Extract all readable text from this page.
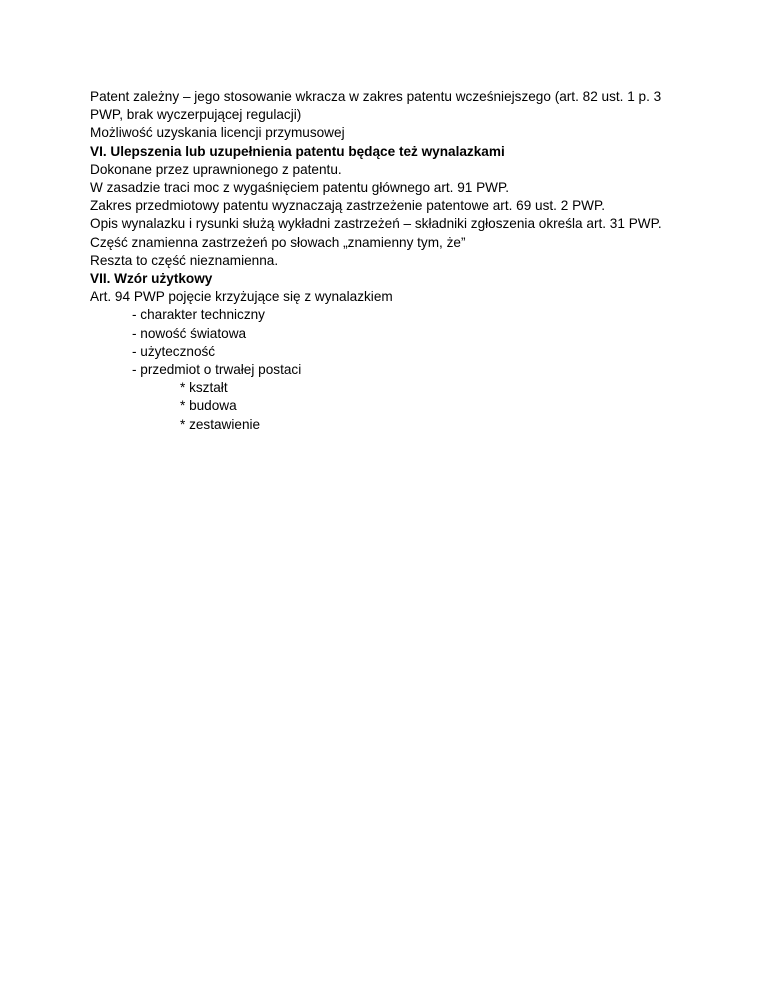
Patent zależny – jego stosowanie wkracza w zakres patentu wcześniejszego (art. 82 ust. 1 p. 3
PWP, brak wyczerpującej regulacji)
Możliwość uzyskania licencji przymusowej
VI. Ulepszenia lub uzupełnienia patentu będące też wynalazkami
Dokonane przez uprawnionego z patentu.
W zasadzie traci moc z wygaśnięciem patentu głównego art. 91 PWP.
Zakres przedmiotowy patentu wyznaczają zastrzeżenie patentowe art. 69 ust. 2 PWP.
Opis wynalazku i rysunki służą wykładni zastrzeżeń – składniki zgłoszenia określa art. 31 PWP.
Część znamienna zastrzeżeń po słowach „znamienny tym, że”
Reszta to część nieznamienna.
VII. Wzór użytkowy
Art. 94 PWP pojęcie krzyżujące się z wynalazkiem
- charakter techniczny
- nowość światowa
- użyteczność
- przedmiot o trwałej postaci
* kształt
* budowa
* zestawienie
